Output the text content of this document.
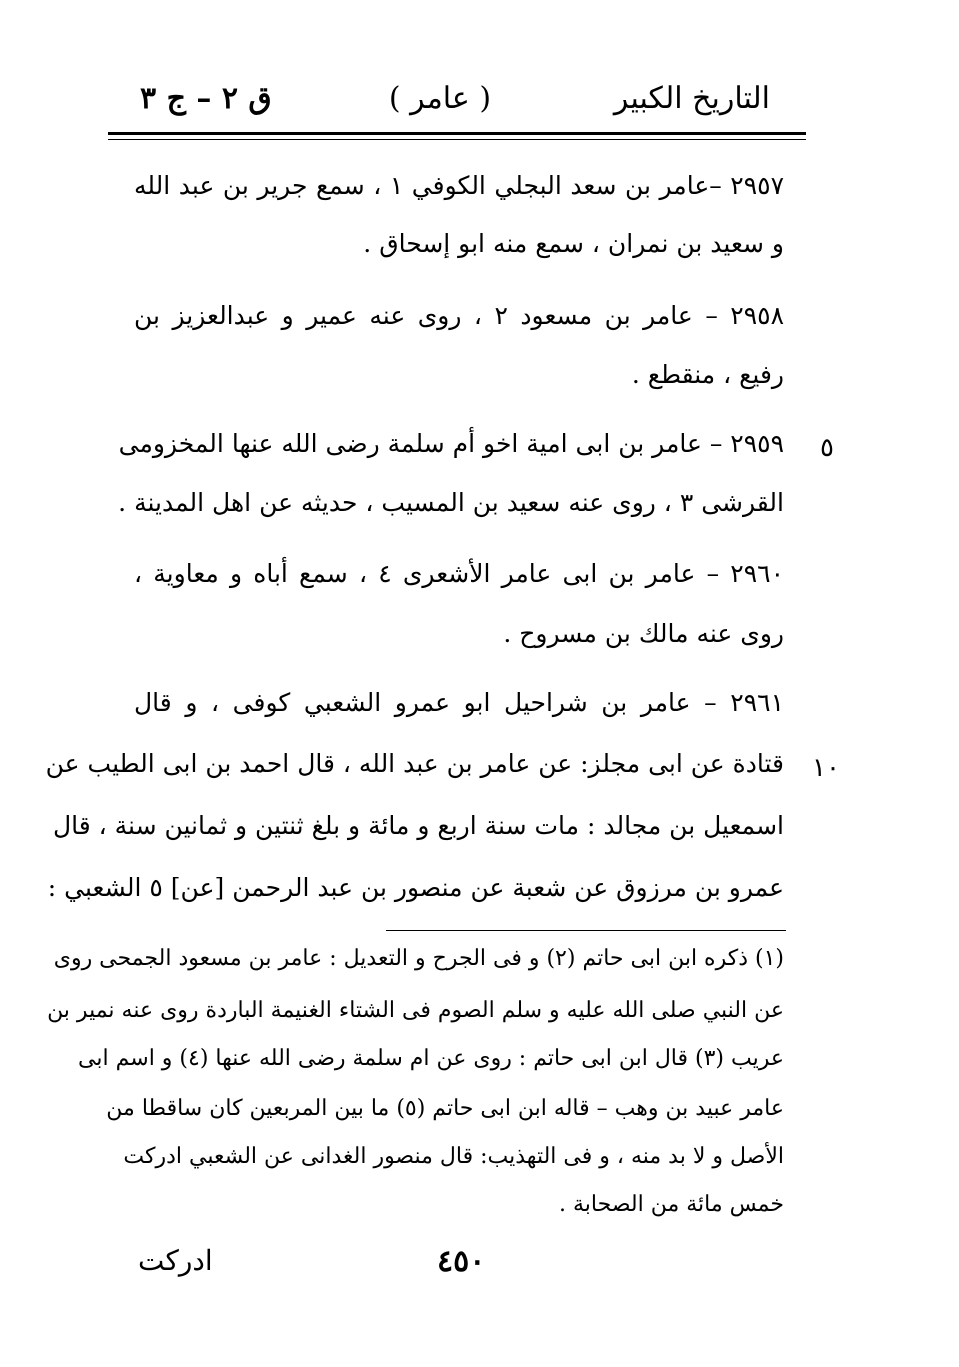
التاريخ الكبير
( عامر )
ق ٢ – ج ٣
٢٩٥٧ –عامر بن سعد البجلي الكوفي ١ ، سمع جرير بن عبد الله
و سعيد بن نمران ، سمع منه ابو إسحاق .
٢٩٥٨ – عامر بن مسعود ٢ ، روى عنه عمير و عبدالعزيز بن
رفيع ، منقطع .
٥
٢٩٥٩ – عامر بن ابى امية اخو أم سلمة رضى الله عنها المخزومى
القرشى ٣ ، روى عنه سعيد بن المسيب ، حديثه عن اهل المدينة .
٢٩٦٠ – عامر بن ابى عامر الأشعرى ٤ ، سمع أباه و معاوية ،
روى عنه مالك بن مسروح .
٢٩٦١ – عامر بن شراحيل ابو عمرو الشعبي كوفى ، و قال
١٠
قتادة عن ابى مجلز: عن عامر بن عبد الله ، قال احمد بن ابى الطيب عن
اسمعيل بن مجالد : مات سنة اربع و مائة و بلغ ثنتين و ثمانين سنة ، قال
عمرو بن مرزوق عن شعبة عن منصور بن عبد الرحمن [عن] ٥ الشعبي :
(١) ذكره ابن ابى حاتم (٢) و فى الجرح و التعديل : عامر بن مسعود الجمحى روى
عن النبي صلى الله عليه و سلم الصوم فى الشتاء الغنيمة الباردة روى عنه نمير بن
عريب (٣) قال ابن ابى حاتم : روى عن ام سلمة رضى الله عنها (٤) و اسم ابى
عامر عبيد بن وهب – قاله ابن ابى حاتم (٥) ما بين المربعين كان ساقطا من
الأصل و لا بد منه ، و فى التهذيب: قال منصور الغدانى عن الشعبي ادركت
خمس مائة من الصحابة .
٤٥٠
ادركت
